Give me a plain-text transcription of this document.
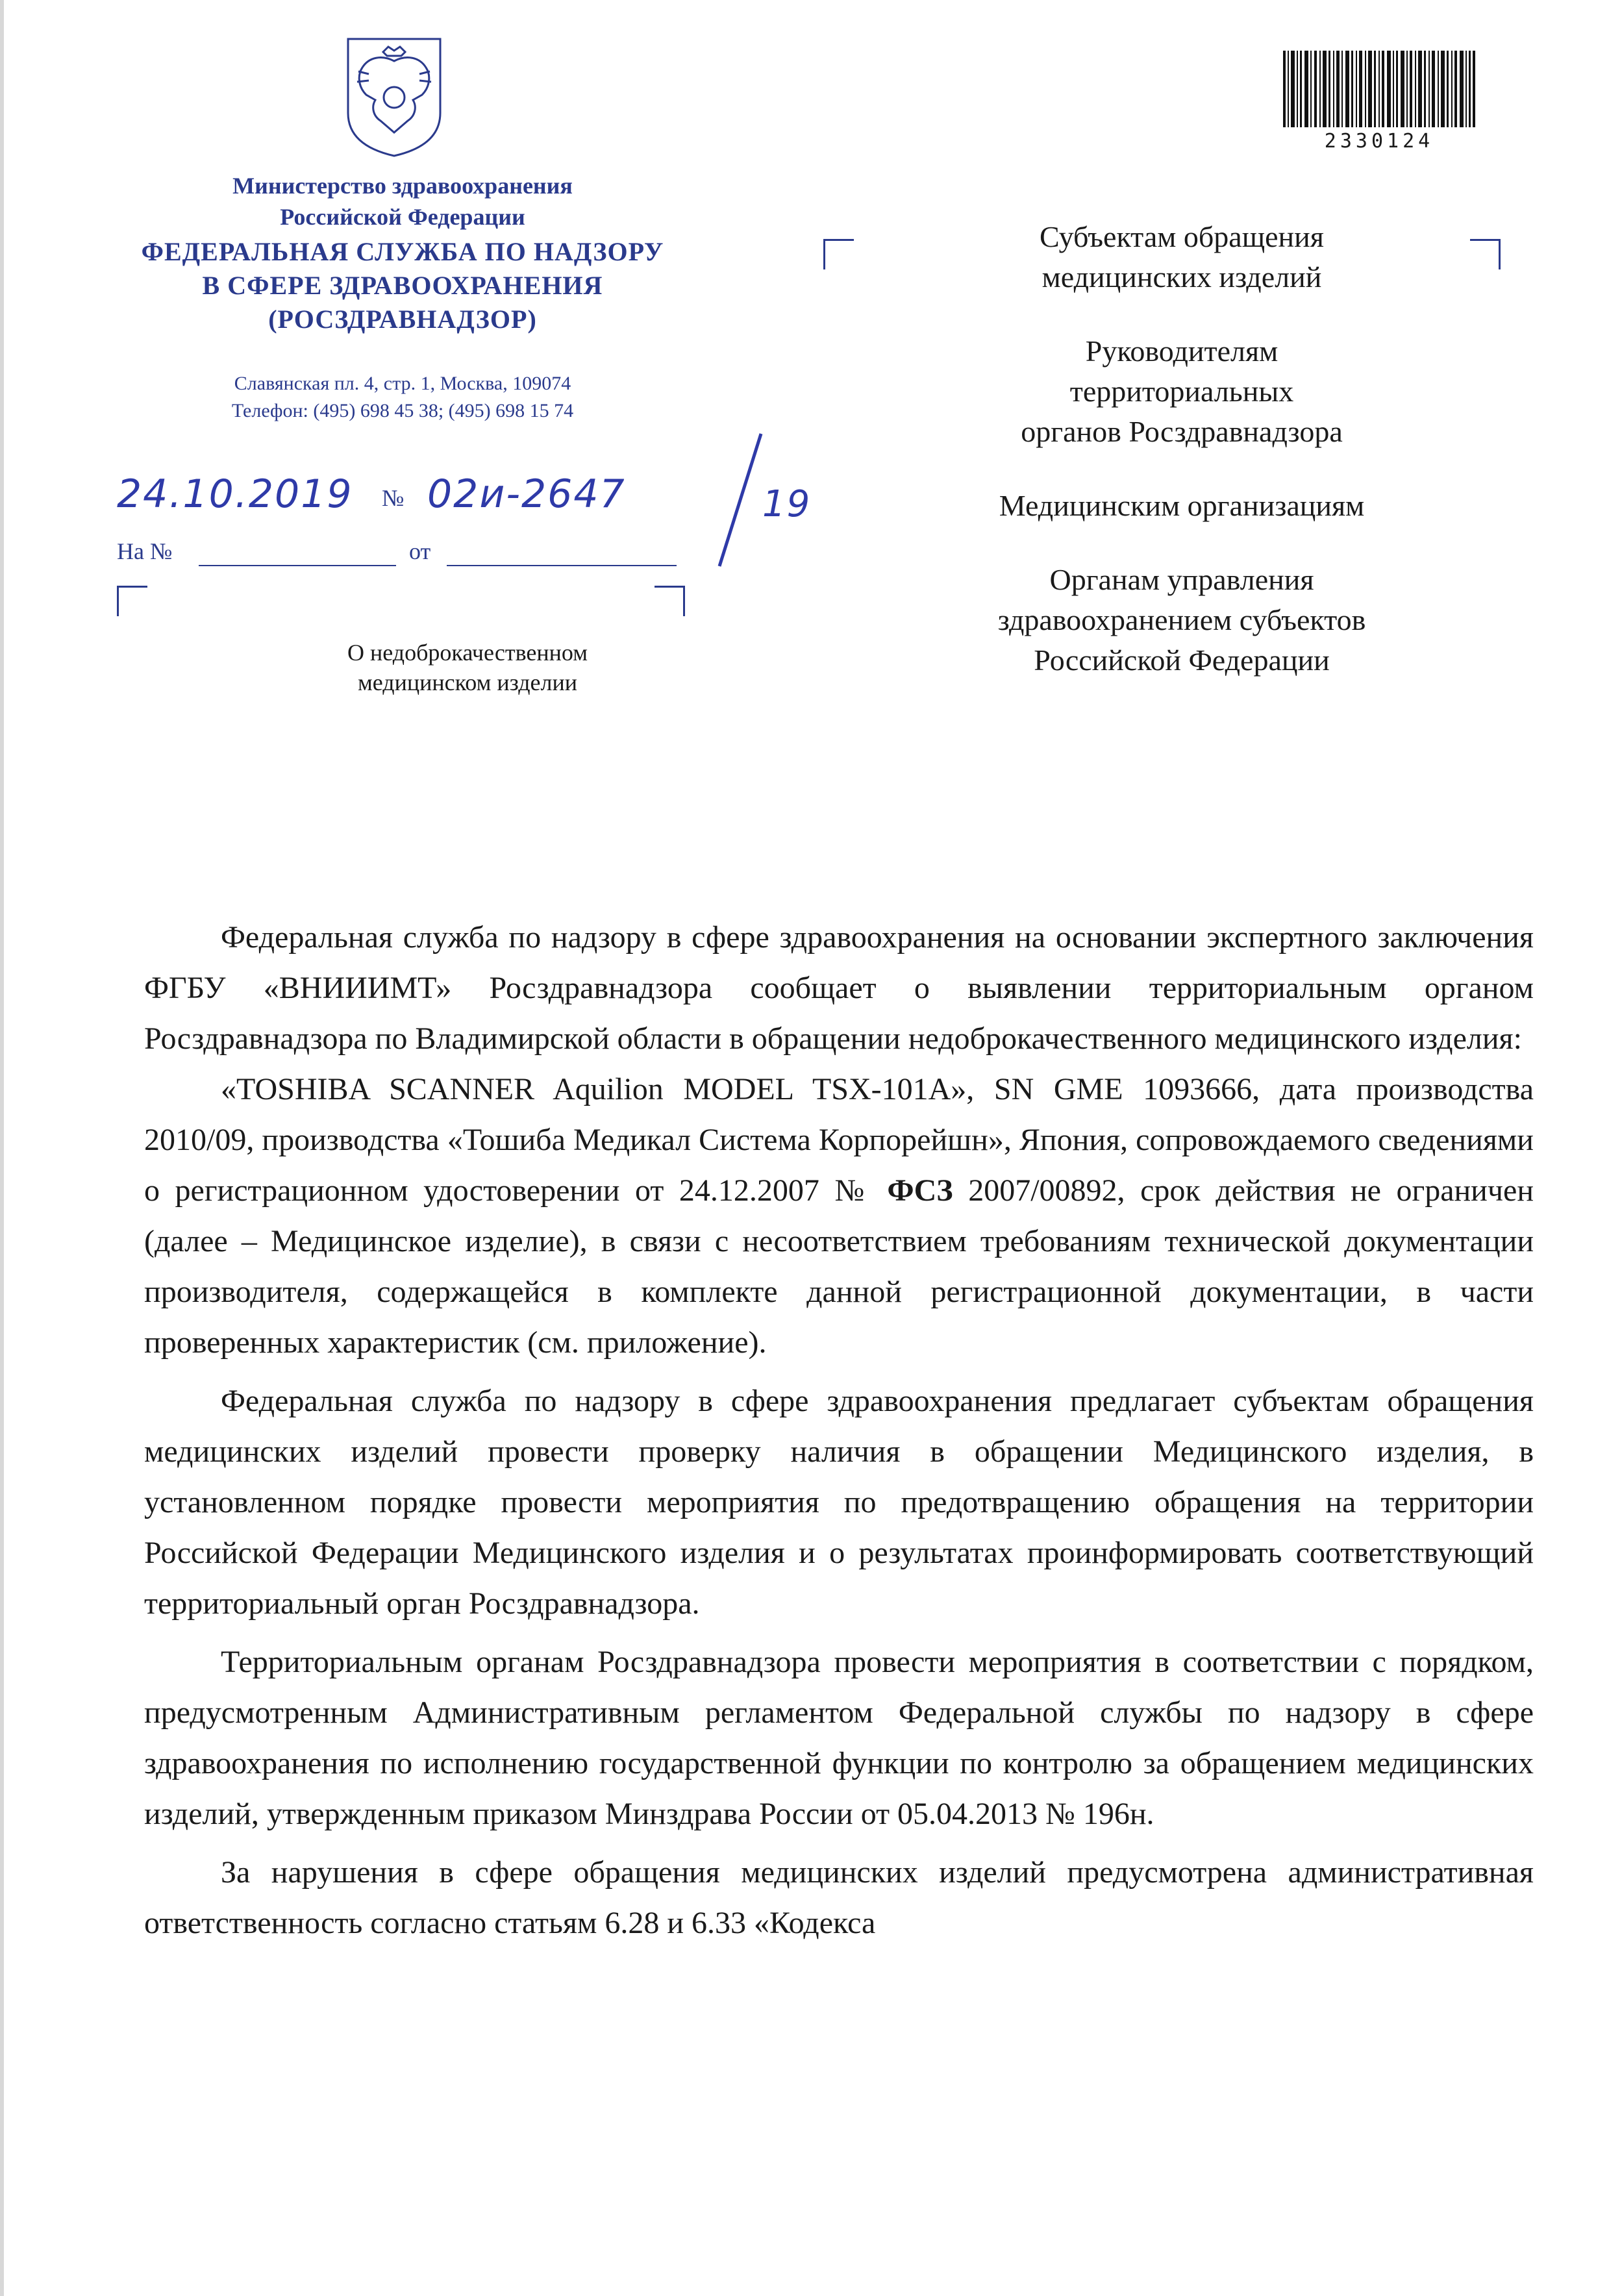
Министерство здравоохранения
Российской Федерации
ФЕДЕРАЛЬНАЯ СЛУЖБА ПО НАДЗОРУ
В СФЕРЕ ЗДРАВООХРАНЕНИЯ
(РОСЗДРАВНАДЗОР)
Славянская пл. 4, стр. 1, Москва, 109074
Телефон: (495) 698 45 38; (495) 698 15 74
24.10.2019 № 02и-2647	19
На №	от
О недоброкачественном
медицинском изделии
2330124
Субъектам обращения
медицинских изделий
Руководителям
территориальных
органов Росздравнадзора
Медицинским организациям
Органам управления
здравоохранением субъектов
Российской Федерации

Федеральная служба по надзору в сфере здравоохранения на основании экспертного заключения ФГБУ «ВНИИИМТ» Росздравнадзора сообщает о выявлении территориальным органом Росздравнадзора по Владимирской области в обращении недоброкачественного медицинского изделия:

«TOSHIBA SCANNER Aquilion MODEL TSX-101A», SN GME 1093666, дата производства 2010/09, производства «Тошиба Медикал Система Корпорейшн», Япония, сопровождаемого сведениями о регистрационном удостоверении от 24.12.2007 № ФСЗ 2007/00892, срок действия не ограничен (далее – Медицинское изделие), в связи с несоответствием требованиям технической документации производителя, содержащейся в комплекте данной регистрационной документации, в части проверенных характеристик (см. приложение).

Федеральная служба по надзору в сфере здравоохранения предлагает субъектам обращения медицинских изделий провести проверку наличия в обращении Медицинского изделия, в установленном порядке провести мероприятия по предотвращению обращения на территории Российской Федерации Медицинского изделия и о результатах проинформировать соответствующий территориальный орган Росздравнадзора.

Территориальным органам Росздравнадзора провести мероприятия в соответствии с порядком, предусмотренным Административным регламентом Федеральной службы по надзору в сфере здравоохранения по исполнению государственной функции по контролю за обращением медицинских изделий, утвержденным приказом Минздрава России от 05.04.2013 № 196н.

За нарушения в сфере обращения медицинских изделий предусмотрена административная ответственность согласно статьям 6.28 и 6.33 «Кодекса
